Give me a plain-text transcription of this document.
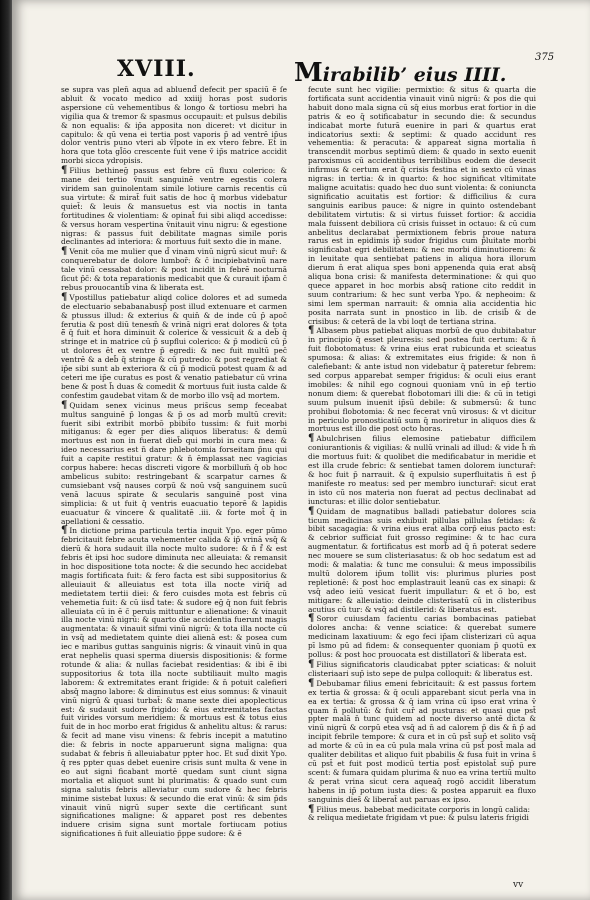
XVIII.	Mirabilib’ eius IIII.
375

se supra vas plen̄ aqua ad abluend̄ defecit per spaciū ẽ ſe abluit & vocato medico ad xxiiij horas post sudoris aspersione cū vehementibus & longo & tortiosu mebri ha vigilia qua & tremor & spasmus occupauit: et pulsus debilis & non equalis: & ip̄a apposita non diceret: vt dicitur in capitulo: & qū vena ei tertia post vaporis p̄ ad ventrē ip̄us dolor ventris puno vteri ab v̄lpote in ex vtero febre. Et in hora que tota gl̄ōo crescente fuit vene v̄ ip̄s matrice accidit morbi sicca ydropisis.

¶ Filius bethineḡ passus est febre cū fluxu colerico: & mane dei tertio v̄nuit sanguinē ventre egestis colera viridem san guinolentam simile lotiure carnis recentis cū sua virtute: & mirat̄ fuit satis de hoc q̄ morbus videbatur quiet̄: & leuis & mansuetus est via noctis in tanta fortitudines & violentiam: & opinat̄ fui sibi aliqd accedisse: & versus horam vespertina v̄nitauit vinu nigru: & egestione nigras: & passus fuit debilitate magnas simile poris declinantes ad interiora: & mortuus fuit sexto die in mane.

¶ Venit cōa me mulier que d̄ vinam vinū nigrū sicut mur̄: & conquerebatur de dolore lumbor̄: & c̄ incipiebatvinū nare tale vinū cessabat dolor: & post incidit in febrē nocturnā ſicut p̄c̄: & tota reparationis medicabit que & curauit ip̄am c̄ rebus prouocantib̄ vina & liberata est.

¶ Vpostillus patiebatur aliqd colice dolores et ad sumeda de electuario sebabanabusp̄ post illud extenuare et carmen & ptussus illud: & exterius & quin̄ & de inde cū p̄ apoc̄ ferutia & post diū tenesm̄ & vrinā nigri erat dolores & tota ẽ̄ q̄ fuit et hora diminuit & colerice & vessicuit & a deb̄ q̄ stringe et in matrice cū p̄ supflui colerico: & p̄ modicū cū p̄ ut dolores ēt ex ventre p̄ egredi: & nec fuit multū pec̄ ventrē & a deb̄ q̄ stringe & cū putredo: & post regrediat & ip̄e sibi sunt ab exteriora & cū p̄ modicū potest quam & ad ceteri me ip̄e curatus es post & venatio patiebatur cū vrina bene & post h̄ duas & comedit & mortuus fuit iusta calde & confestim gaudebat vitam & de morbo illo vsq̄ ad mortem.

¶ Quidam senex vicinus meus pris̄cus semp feceabat multus sanguinē p̄ longas & p̄ os ad morb̄ multū crevit: fuerit sibi extribit morbō pbibit̄o tussim: & fuit morbi mitiganus: & eger per dies aliquos liberatus: & demū mortuus est non in fuerat dieb̄ qui morbi in cura mea: & ideo necessarius est n̄ dare phlebotomia forseitam p̄nu qui fuit a capite restitui gratur: & n̄ ēmplassat nec vagicias corpus habere: hecas discreti vigore & morbillum̄ q̄ ob hoc ambelicus subito: restringebant & scarpatur carnes & cumsiebant vsq̄ nauses corpū & noū vsq̄ sanguinem sucū venā lacuus spirate & secularis sanguinē post vina simplicia: & ut fuit q̄ ventris euacuatio teporē & lapidis euacuatur & vincere & qualitatē .iii. & forte mot̄ q̄ in apellationi & cessatio.

¶ In dictione prima particula tertia inquit Ypo. eger pūmo febricitauit febre acuta vehementer calida & ip̄ vrinā vsq̄ & dierū & hora sudauit illa nocte multo sudore: & n̄ f̄ & est febris ēt ipsi hoc sudore diminuta nec alleuiata: & remansit in hoc dispositione tota nocte: & die secundo hec accidebat magis fortificata fuit: & fero facta est sibi suppositorius & alleuiauit & alleuiatus est tota illa nocte viriq̄ ad medietatem tertii diei: & fero cuisdes mota est febris cū vehemetia fuit: & cū iisd̄ tate: & sudore eḡ q̄ non fuit febris alleuiata cū in ē c̄ peruis mittuntur e alienatione: & vinauit illa nocte vinū nigrū: & quarto die accidentia fuerunt magis augmentata: & vinauit sifmi vinū nigrū: & tota illa nocte cū in vsq̄ ad medietatem quinte diei alienā est: & posea cum iec e maribus guttas sanguinis nigris: & vinauit vinū in qua erat nephelis quasi sperma diuersis dispositionis: & forme rotunde & alia: & nullas faciebat residentias: & ibi ẽ ibi suppositorius & tota illa nocte subtiliauit multo magis laborem: & extremitates erant frigide: & n̄ potuit calefieri absq̄ magno labore: & diminutus est eius somnus: & vinauit vinū nigrū & quasi turbat̄: & mane sexte diei apoplecticus est: & sudauit sudore frigido: & eius extremitates factas fuit virides vorsum meridiem: & mortuus est & totus eius fuit de in hoc morbo erat frigidus & anhelitu altus: & rarus: & fecit ad mane visu vinens: & febris incepit a matutino die: & febris in nocte apparuerunt signa maligna: qua sudabat & febris n̄ alleuiabatur ppter hoc. Et sud̄ dixit Ypo. q̄ res ppter quas debet euenire crisis sunt multa & vene in eo aut signi ficabant mortē quedam sunt ciunt signa mortalia et aliquot sunt bi plurimatis: & quado sunt cum signa salutis febris alleviatur cum sudore & hec febris minime sistebat luxus: & secundo die erat vinū: & sim p̄ds vinauit vinū nigrū super sexte die certificant sunt significationes maligne: & apparet post res debentes induere crisim signa sunt mortale fortiucam potius significationes n̄ fuit alleuiatio p̄ppe sudore: & ē

fecute sunt hec vigilie: permixtio: & situs & quarta die fortificata sunt accidentia vinauit vinū nigrū: & pos die qui habuit dono mala signa cū sq̄ eius morbus erat fortior in die patris & eo q̄ sotificabatur in secundo die: & secundus indicabat morte futurā euenire in pari & quartus erat indicatorius sexti: & septimi: & quado accidunt res vehementia: & peracuta: & appareat signa mortalia n̄ transcendit morbus septimū diem: & quado in sexto euenit paroxismus cū accidentibus terribilibus eodem die desecit infirmus & certum erat q̄ crisis festina et in sexto cū vinas nigras: in tertia: & in quarto: & hoc significat vltimitate maligne acuitatis: quado hec duo sunt violenta: & coniuncta significatio acuitatis est fortior: & difficilius & cura sanguinis earibus pauce: & nigre in quinto ostendebant debilitatem virtutis: & si virtus fuisset fortior: & accidia mala fuissent debiliora cū crisis fuisset in octauo: & cū cum anbelitus declarabat permixtionem febris proue natura rarus est in epidimis ip̄ sudor frigidus cum p̄luitate morbi significabat egri debilitatem: & nec morbi diminutiorem: & in leuitate qua sentiebat patiens in aliqua hora illorum dierum n̄ erat aliqua spes boni appenenda quia erat absq̄ aliqua bona crisi: & manifesta determinatione: & qui quo quece apparet in hoc morbis absq̄ ratione cito reddit in suum contrarium: & hec sunt verba Ypo. & nepheoim: & simi lem sperman narrauit: & omnia alia accidentia hic posita narrata sunt in pnostico in lib. de crisib̄ & de crisibus: & ceterā de la vbi loqt de tertiana strina.

¶ Albasem pbus patiebat aliquas morbū de quo dubitabatur in principio q̄ esset pleuresis: sed postea fuit certum: & n̄ fuit flobotomatus: & vrina eius erat rubicunda et scieatus spumosa: & alias: & extremitates eius frigide: & non n̄ calefiebant: & ante istud non videbatur q̄ pateretur febrem: sed corpus apparebat semper frigidus: & oculi eius erant imobiles: & nihil ego cognoui quoniam vnū in ep̄ tertio nonum diem: & querebat flobotomari illi die: & cū in tetigi suum pulsum inuenit ip̄sū debile: & submersū: & tunc prohibui flobotomia: & nec fecerat vnū virosus: & vt dicitur in periculo pronosticatiū sum q̄ moriretur in aliquos dies & mortuus est illo die post octo horas.

¶ Abulchrisen filius elemosine patiebatur difficilem coniurantionis & vigilias: & nullū vrinali ad illud: & vide h̄̄ m̄ die mortuus fuit: & quolibet die medificabatur in meridie et est illa crude febric: & sentiebat tamen dolorem iuncturar̄: & hoc fuit p̄ narrauit. & q̄ expulsio superfluitatis n̄ est p̄ manifeste ro meatus: sed per membro iuncturar̄: sicut erat in isto cū nos materia non fuerat ad pectus declinabat ad iuncturas: et illic dolor sentiebatur.

¶ Quidam de magnatibus balladi patiebatur dolores scia ticum medicinas suis exhibuit pillulas pillulas fetidas: & bibit sacagagia: & vrina eius erat alba corp̄ eius pacto est: & cebrior sufficiat fuit grosso regimine: & tc hac cura augmentatur. & fortificatus est morb̄ ad q̄ n̄ poterat sedere nec mouere se sum clisteriasatus: & ob hoc sedatum est ad modi: & malatia: & tunc me consului: & meus impossibilis multū dolorem ip̄um tollit vis: plurimus pluries post repletionē: & post hoc emplastrauit leanū cas ex sinapi: & vsq̄ adeo ieiū vesicat fuerit impullatur: & et ō bo, est mitigare: & alleuiatio: deinde clisterisatū cū in clisteribus acutius cū tur: & vsq̄ ad distilerid: & liberatus est.

¶ Soror cuiusdam facientu carias bombacinas patiebat dolores ancha: & venne sciatice: & querebat sumere medicinam laxatiuum: & ego feci ip̄am clisterizari cū aqua pī lsmo pū ad fidem: & consequenter quoniam p̄ quotū ex pollus: & post hoc prouocata est distillatorī & liberata est.

¶ Filius significatoris claudicabat ppter sciaticas: & noluit clisteriaari sup̄ isto sepe de pulpa colloquit: & liberatus est.

¶ Debubamar filius emeni febricitauit: & est passus fortem ex tertia & grossa: & q̄ oculi apparebant sicut perla vna in ea ex tertia: & grossa & q̄ iam vrina cū ipso erat vrina v̄ quam n̄ pollutū: & fuit cur̄ ad pusturas: et quasi que pst̄ ppter malā n̄ tunc quidem ad nocte diverso antē dicta & vinū nigrū & corpū etea vsq̄ ad n̄ ad calorem p̄ dis & n̄ p̄ ad incipit febrile tempore: & cura et in cū pst̄ sup̄ et solito vsq̄ ad morte & cū in ea cū pula mala vrina cū pst̄ post̄ mala ad qualiter debilitas et aliquo fuit pbabilis & fusa fuit in vrina s̄ cū pst̄ et fuit post modicū tertia post̄ epistolat̄ sup̄ pure scent: & fumara quidam plurima & nuo ea vrina tertiū multo & perat vrina sicut cera aqueaq̄ rogō accidit liberatum habens in ip̄ potum iusta dies: & postea apparuit ea fluxo sanguinis dies̄ & liberat̄ aut paruas ex ipso.

¶ Filius meus. babebat medicitate corporis in longū calida: & reliqua medietate frigidam vt pue: & pulsu lateris frigidi

vv
